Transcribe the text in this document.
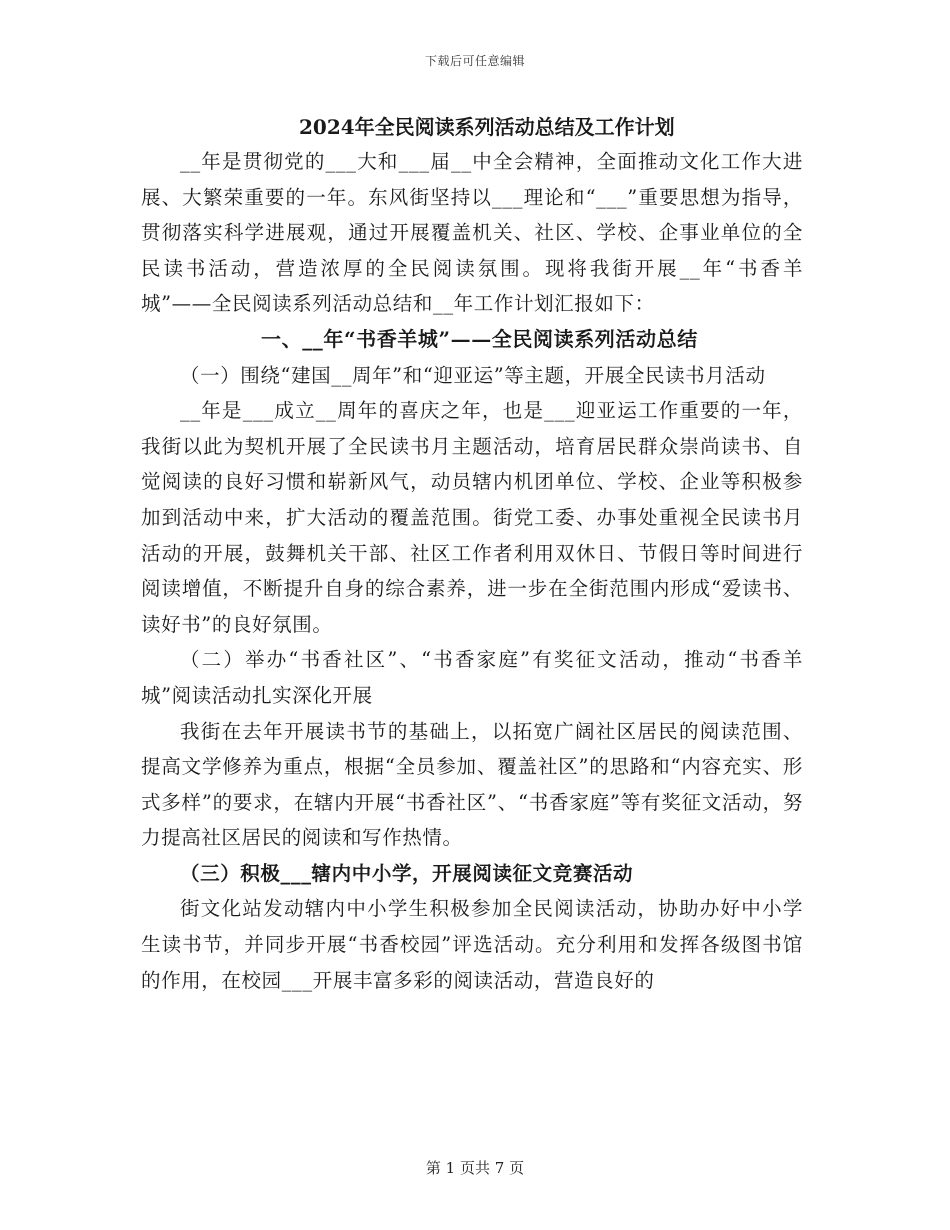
下载后可任意编辑
2024年全民阅读系列活动总结及工作计划

__年是贯彻党的___大和___届__中全会精神，全面推动文化工作大进展、大繁荣重要的一年。东风街坚持以___理论和“___”重要思想为指导，贯彻落实科学进展观，通过开展覆盖机关、社区、学校、企事业单位的全民读书活动，营造浓厚的全民阅读氛围。现将我街开展__年“书香羊城”——全民阅读系列活动总结和__年工作计划汇报如下：

一、__年“书香羊城”——全民阅读系列活动总结

（一）围绕“建国__周年”和“迎亚运”等主题，开展全民读书月活动

__年是___成立__周年的喜庆之年，也是___迎亚运工作重要的一年，我街以此为契机开展了全民读书月主题活动，培育居民群众崇尚读书、自觉阅读的良好习惯和崭新风气，动员辖内机团单位、学校、企业等积极参加到活动中来，扩大活动的覆盖范围。街党工委、办事处重视全民读书月活动的开展，鼓舞机关干部、社区工作者利用双休日、节假日等时间进行阅读增值，不断提升自身的综合素养，进一步在全街范围内形成“爱读书、读好书”的良好氛围。

（二）举办“书香社区”、“书香家庭”有奖征文活动，推动“书香羊城”阅读活动扎实深化开展

我街在去年开展读书节的基础上，以拓宽广阔社区居民的阅读范围、提高文学修养为重点，根据“全员参加、覆盖社区”的思路和“内容充实、形式多样”的要求，在辖内开展“书香社区”、“书香家庭”等有奖征文活动，努力提高社区居民的阅读和写作热情。

（三）积极___辖内中小学，开展阅读征文竞赛活动

街文化站发动辖内中小学生积极参加全民阅读活动，协助办好中小学生读书节，并同步开展“书香校园”评选活动。充分利用和发挥各级图书馆的作用，在校园___开展丰富多彩的阅读活动，营造良好的

第 1 页共 7 页
